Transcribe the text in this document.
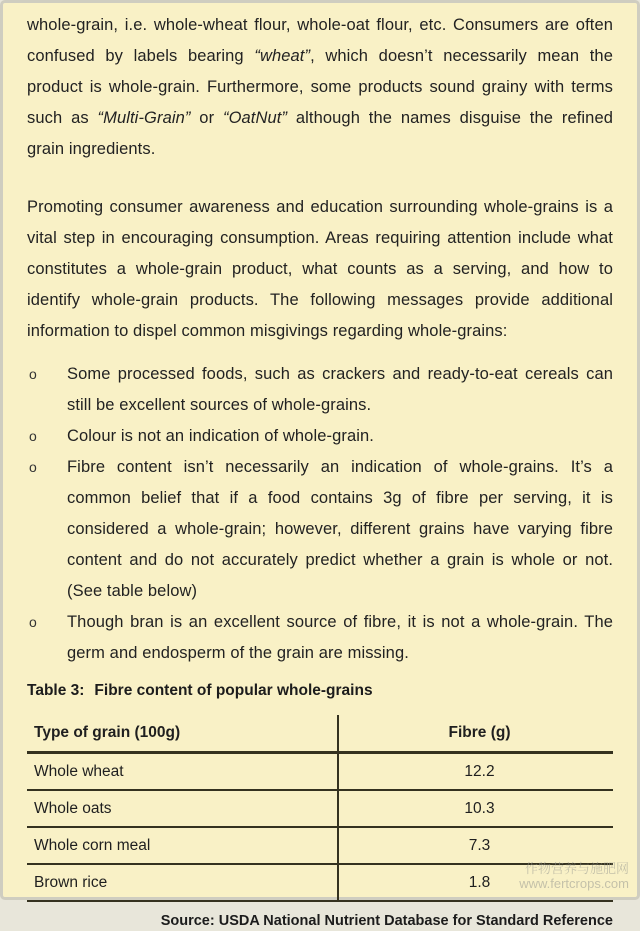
whole-grain, i.e. whole-wheat flour, whole-oat flour, etc. Consumers are often confused by labels bearing “wheat”, which doesn’t necessarily mean the product is whole-grain. Furthermore, some products sound grainy with terms such as “Multi-Grain” or “OatNut” although the names disguise the refined grain ingredients.

Promoting consumer awareness and education surrounding whole-grains is a vital step in encouraging consumption. Areas requiring attention include what constitutes a whole-grain product, what counts as a serving, and how to identify whole-grain products. The following messages provide additional information to dispel common misgivings regarding whole-grains:

o	Some processed foods, such as crackers and ready-to-eat cereals can still be excellent sources of whole-grains.
o	Colour is not an indication of whole-grain.
o	Fibre content isn’t necessarily an indication of whole-grains. It’s a common belief that if a food contains 3g of fibre per serving, it is considered a whole-grain; however, different grains have varying fibre content and do not accurately predict whether a grain is whole or not. (See table below)
o	Though bran is an excellent source of fibre, it is not a whole-grain. The germ and endosperm of the grain are missing.
Table 3: Fibre content of popular whole-grains
Type of grain (100g)	Fibre (g)
Whole wheat	12.2
Whole oats	10.3
Whole corn meal	7.3
Brown rice	1.8
Source: USDA National Nutrient Database for Standard Reference
作物营养与施肥网
www.fertcrops.com
